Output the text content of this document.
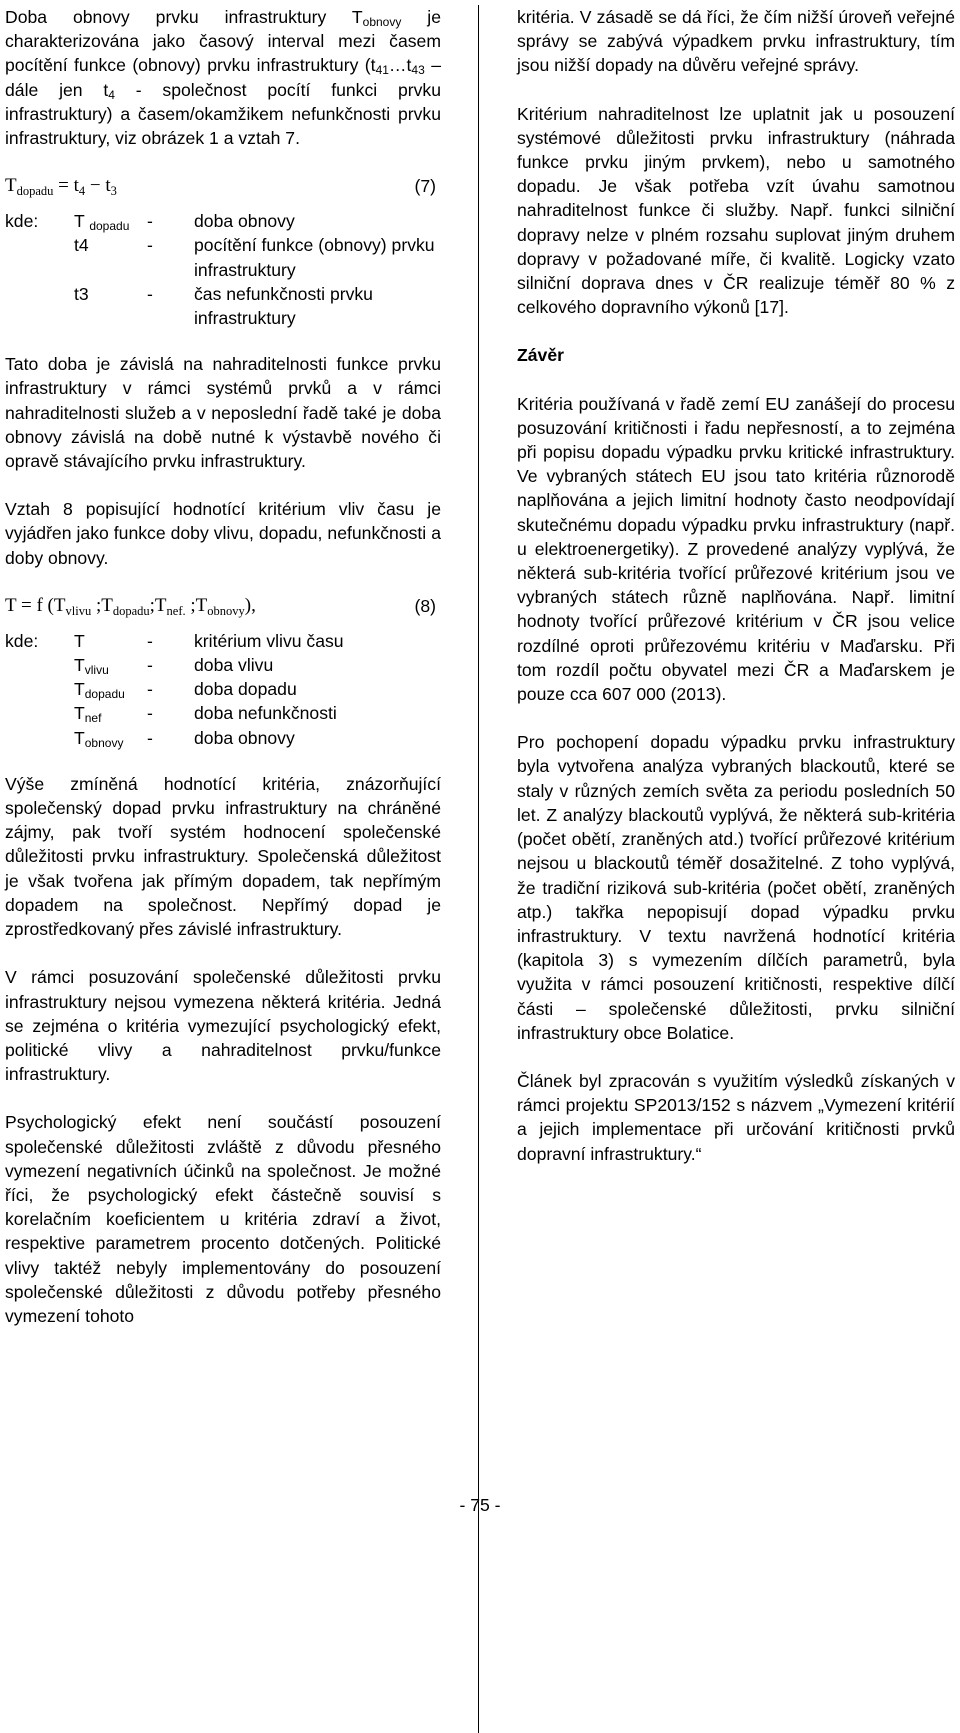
Doba obnovy prvku infrastruktury $T_{obnovy}$ je charakterizována jako časový interval mezi časem pocítění funkce (obnovy) prvku infrastruktury ($t_{41}\dots t_{43}$ – dále jen $t_4$ - společnost pocítí funkci prvku infrastruktury) a časem/okamžikem nefunkčnosti prvku infrastruktury, viz obrázek 1 a vztah 7.

$T_{dopadu} = t_4 - t_3$	(7)
kde:	T $_{dopadu}$	-	doba obnovy
	t4	-	pocítění funkce (obnovy) prvku infrastruktury
	t3	-	čas nefunkčnosti prvku infrastruktury

Tato doba je závislá na nahraditelnosti funkce prvku infrastruktury v rámci systémů prvků a v rámci nahraditelnosti služeb a v neposlední řadě také je doba obnovy závislá na době nutné k výstavbě nového či opravě stávajícího prvku infrastruktury.

Vztah 8 popisující hodnotící kritérium vliv času je vyjádřen jako funkce doby vlivu, dopadu, nefunkčnosti a doby obnovy.

T = f ($T_{vlivu}$ $;T_{dopadu};T_{nef.}$ $;T_{obnovy}$),	(8)
kde:	T	-	kritérium vlivu času
	$T_{vlivu}$	-	doba vlivu
	$T_{dopadu}$	-	doba dopadu
	$T_{nef}$	-	doba nefunkčnosti
	$T_{obnovy}$	-	doba obnovy

Výše zmíněná hodnotící kritéria, znázorňující společenský dopad prvku infrastruktury na chráněné zájmy, pak tvoří systém hodnocení společenské důležitosti prvku infrastruktury. Společenská důležitost je však tvořena jak přímým dopadem, tak nepřímým dopadem na společnost. Nepřímý dopad je zprostředkovaný přes závislé infrastruktury.

V rámci posuzování společenské důležitosti prvku infrastruktury nejsou vymezena některá kritéria. Jedná se zejména o kritéria vymezující psychologický efekt, politické vlivy a nahraditelnost prvku/funkce infrastruktury.

Psychologický efekt není součástí posouzení společenské důležitosti zvláště z důvodu přesného vymezení negativních účinků na společnost. Je možné říci, že psychologický efekt částečně souvisí s korelačním koeficientem u kritéria zdraví a život, respektive parametrem procento dotčených. Politické vlivy taktéž nebyly implementovány do posouzení společenské důležitosti z důvodu potřeby přesného vymezení tohoto

kritéria. V zásadě se dá říci, že čím nižší úroveň veřejné správy se zabývá výpadkem prvku infrastruktury, tím jsou nižší dopady na důvěru veřejné správy.

Kritérium nahraditelnost lze uplatnit jak u posouzení systémové důležitosti prvku infrastruktury (náhrada funkce prvku jiným prvkem), nebo u samotného dopadu. Je však potřeba vzít úvahu samotnou nahraditelnost funkce či služby. Např. funkci silniční dopravy nelze v plném rozsahu suplovat jiným druhem dopravy v požadované míře, či kvalitě. Logicky vzato silniční doprava dnes v ČR realizuje téměř 80 % z celkového dopravního výkonů [17].

Závěr

Kritéria používaná v řadě zemí EU zanášejí do procesu posuzování kritičnosti i řadu nepřesností, a to zejména při popisu dopadu výpadku prvku kritické infrastruktury. Ve vybraných státech EU jsou tato kritéria různorodě naplňována a jejich limitní hodnoty často neodpovídají skutečnému dopadu výpadku prvku infrastruktury (např. u elektroenergetiky). Z provedené analýzy vyplývá, že některá sub-kritéria tvořící průřezové kritérium jsou ve vybraných státech různě naplňována. Např. limitní hodnoty tvořící průřezové kritérium v ČR jsou velice rozdílné oproti průřezovému kritériu v Maďarsku. Při tom rozdíl počtu obyvatel mezi ČR a Maďarskem je pouze cca 607 000 (2013).

Pro pochopení dopadu výpadku prvku infrastruktury byla vytvořena analýza vybraných blackoutů, které se staly v různých zemích světa za periodu posledních 50 let. Z analýzy blackoutů vyplývá, že některá sub-kritéria (počet obětí, zraněných atd.) tvořící průřezové kritérium nejsou u blackoutů téměř dosažitelné. Z toho vyplývá, že tradiční riziková sub-kritéria (počet obětí, zraněných atp.) takřka nepopisují dopad výpadku prvku infrastruktury. V textu navržená hodnotící kritéria (kapitola 3) s vymezením dílčích parametrů, byla využita v rámci posouzení kritičnosti, respektive dílčí části – společenské důležitosti, prvku silniční infrastruktury obce Bolatice.

Článek byl zpracován s využitím výsledků získaných v rámci projektu SP2013/152 s názvem „Vymezení kritérií a jejich implementace při určování kritičnosti prvků dopravní infrastruktury.“

- 75 -
